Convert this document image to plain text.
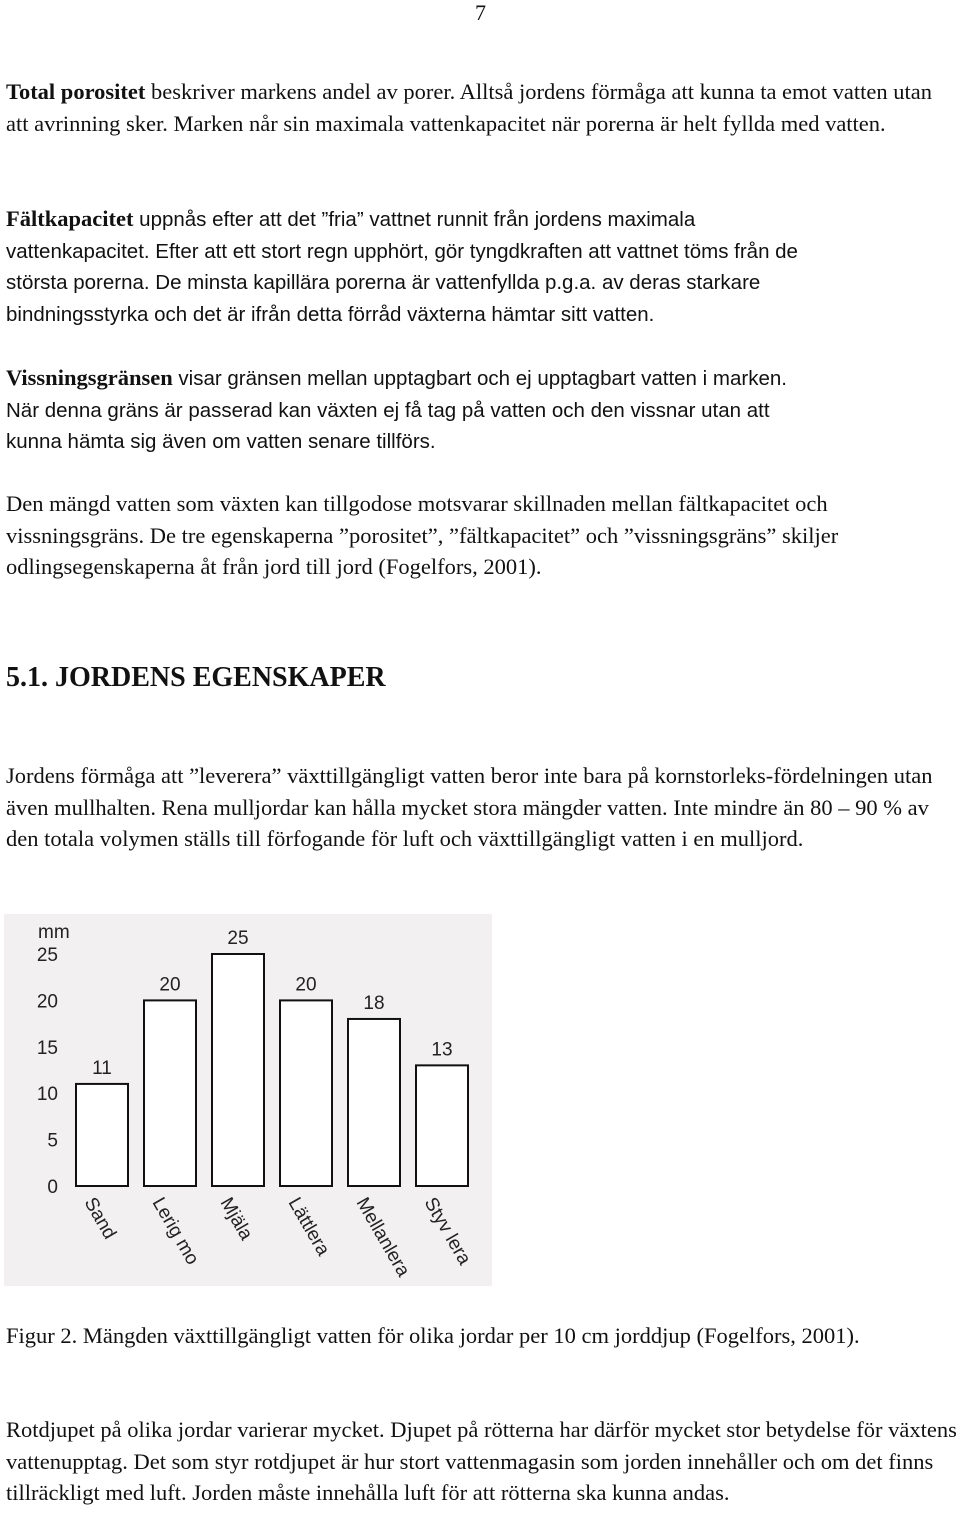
7

Total porositet beskriver markens andel av porer. Alltså jordens förmåga att kunna ta emot vatten utan att avrinning sker. Marken når sin maximala vattenkapacitet när porerna är helt fyllda med vatten.

Fältkapacitet uppnås efter att det ”fria” vattnet runnit från jordens maximala

vattenkapacitet. Efter att ett stort regn upphört, gör tyngdkraften att vattnet töms från de

största porerna. De minsta kapillära porerna är vattenfyllda p.g.a. av deras starkare

bindningsstyrka och det är ifrån detta förråd växterna hämtar sitt vatten.

Vissningsgränsen visar gränsen mellan upptagbart och ej upptagbart vatten i marken.

När denna gräns är passerad kan växten ej få tag på vatten och den vissnar utan att

kunna hämta sig även om vatten senare tillförs.

Den mängd vatten som växten kan tillgodose motsvarar skillnaden mellan fältkapacitet och vissningsgräns. De tre egenskaperna ”porositet”, ”fältkapacitet” och ”vissningsgräns” skiljer odlingsegenskaperna åt från jord till jord (Fogelfors, 2001).

5.1. JORDENS EGENSKAPER

Jordens förmåga att ”leverera” växttillgängligt vatten beror inte bara på kornstorleks-fördelningen utan även mullhalten. Rena mulljordar kan hålla mycket stora mängder vatten. Inte mindre än 80 – 90 % av den totala volymen ställs till förfogande för luft och växttillgängligt vatten i en mulljord.

mm
0
5
10
15
20
25
11
Sand
20
Lerig mo
25
Mjäla
20
Lättlera
18
Mellanlera
13
Styv lera

Figur 2. Mängden växttillgängligt vatten för olika jordar per 10 cm jorddjup (Fogelfors, 2001).

Rotdjupet på olika jordar varierar mycket. Djupet på rötterna har därför mycket stor betydelse för växtens vattenupptag. Det som styr rotdjupet är hur stort vattenmagasin som jorden innehåller och om det finns tillräckligt med luft. Jorden måste innehålla luft för att rötterna ska kunna andas.
